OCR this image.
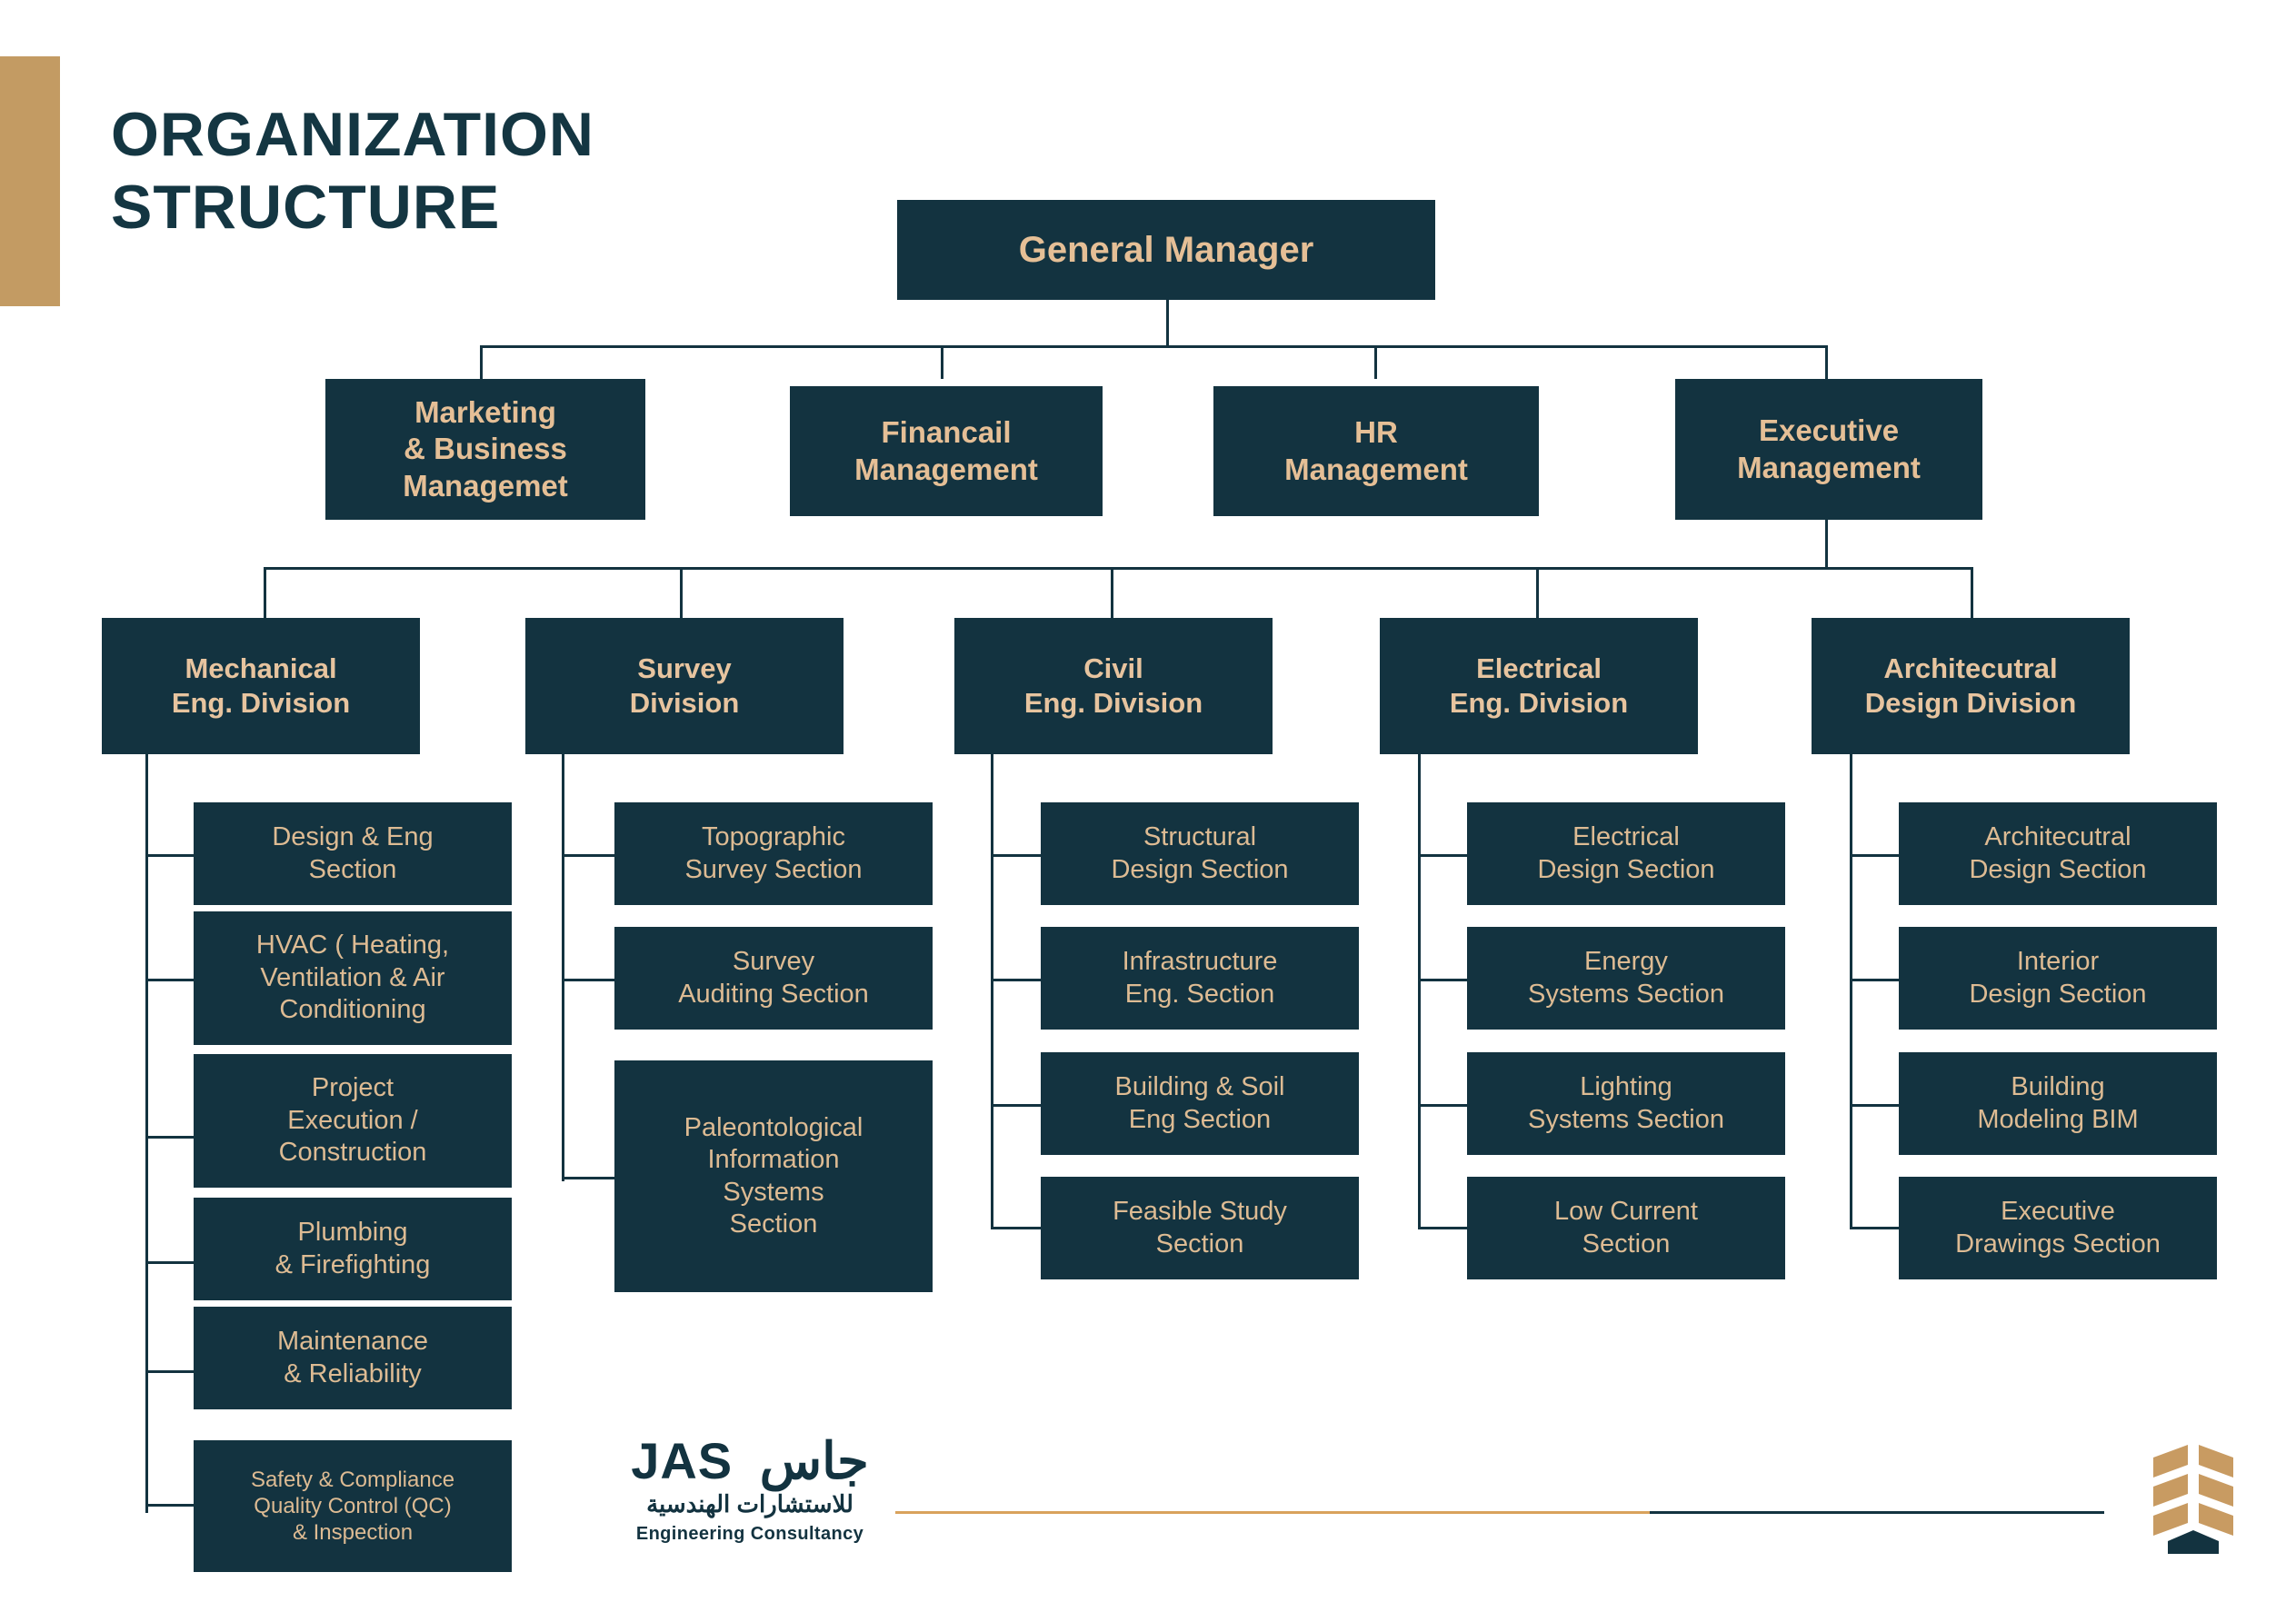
ORGANIZATION
STRUCTURE
General Manager
Marketing
& Business
Managemet
Financail
Management
HR
Management
Executive
Management
Mechanical
Eng. Division
Survey
Division
Civil
Eng. Division
Electrical
Eng. Division
Architecutral
Design Division
Design & Eng
Section
HVAC ( Heating,
Ventilation & Air
Conditioning
Project
Execution /
Construction
Plumbing
& Firefighting
Maintenance
& Reliability
Safety & Compliance
Quality Control (QC)
& Inspection
Topographic
Survey Section
Survey
Auditing Section
Paleontological
Information
Systems
Section
Structural
Design Section
Infrastructure
Eng. Section
Building & Soil
Eng Section
Feasible Study
Section
Electrical
Design Section
Energy
Systems Section
Lighting
Systems Section
Low Current
Section
Architecutral
Design Section
Interior
Design Section
Building
Modeling BIM
Executive
Drawings Section
جاس JAS
للاستشارات الهندسية
Engineering Consultancy
